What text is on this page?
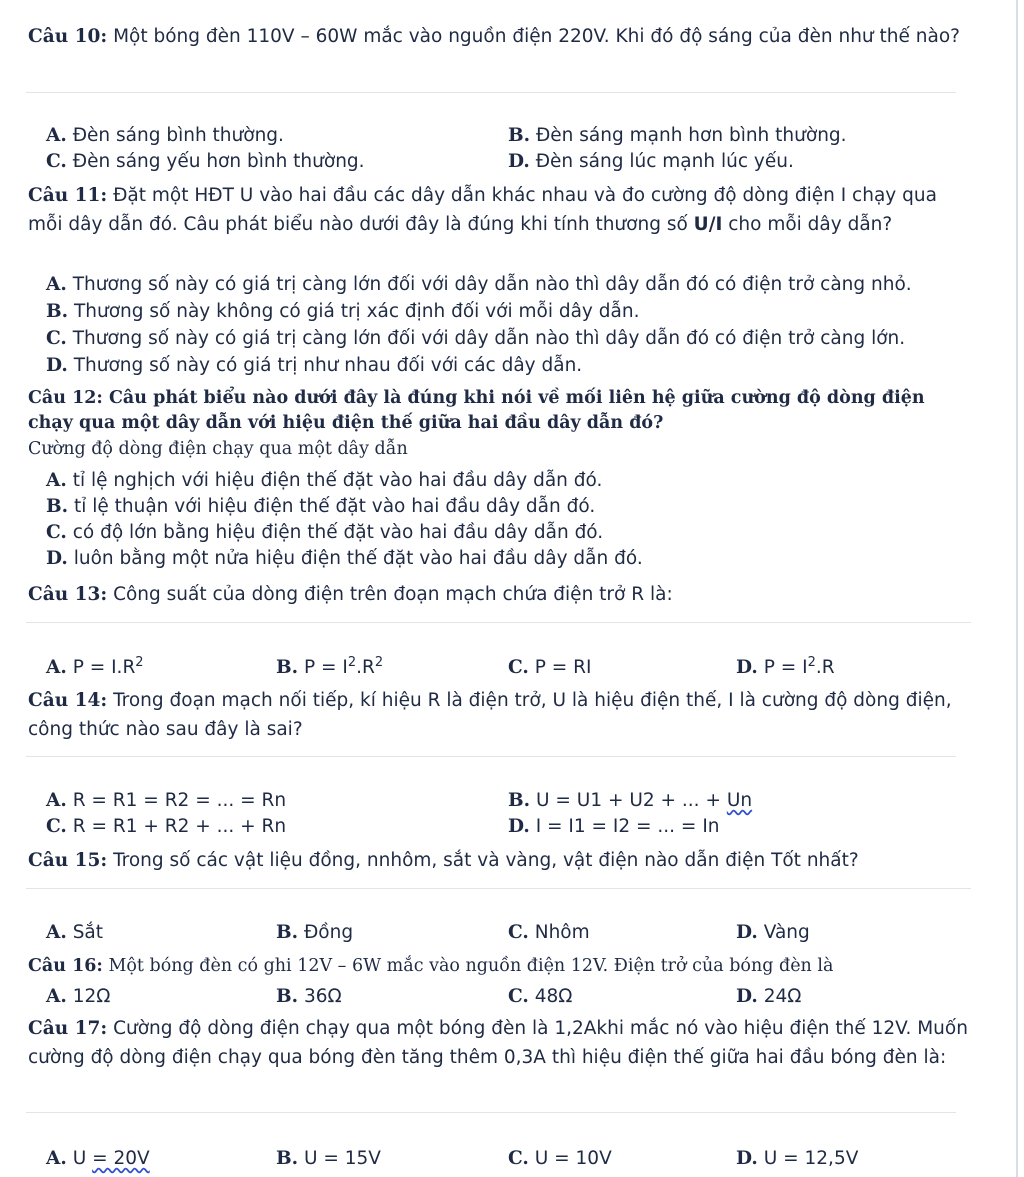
Câu 10: Một bóng đèn 110V – 60W mắc vào nguồn điện 220V. Khi đó độ sáng của đèn như thế nào?
A. Đèn sáng bình thường.	B. Đèn sáng mạnh hơn bình thường.
C. Đèn sáng yếu hơn bình thường.	D. Đèn sáng lúc mạnh lúc yếu.
Câu 11: Đặt một HĐT U vào hai đầu các dây dẫn khác nhau và đo cường độ dòng điện I chạy qua mỗi dây dẫn đó. Câu phát biểu nào dưới đây là đúng khi tính thương số U/I cho mỗi dây dẫn?
A. Thương số này có giá trị càng lớn đối với dây dẫn nào thì dây dẫn đó có điện trở càng nhỏ.
B. Thương số này không có giá trị xác định đối với mỗi dây dẫn.
C. Thương số này có giá trị càng lớn đối với dây dẫn nào thì dây dẫn đó có điện trở càng lớn.
D. Thương số này có giá trị như nhau đối với các dây dẫn.
Câu 12: Câu phát biểu nào dưới đây là đúng khi nói về mối liên hệ giữa cường độ dòng điện chạy qua một dây dẫn với hiệu điện thế giữa hai đầu dây dẫn đó?
Cường độ dòng điện chạy qua một dây dẫn
A. tỉ lệ nghịch với hiệu điện thế đặt vào hai đầu dây dẫn đó.
B. tỉ lệ thuận với hiệu điện thế đặt vào hai đầu dây dẫn đó.
C. có độ lớn bằng hiệu điện thế đặt vào hai đầu dây dẫn đó.
D. luôn bằng một nửa hiệu điện thế đặt vào hai đầu dây dẫn đó.
Câu 13: Công suất của dòng điện trên đoạn mạch chứa điện trở R là:
A. $P = I.R^2$	B. $P = I^2.R^2$	C. P = RI	D. $P = I^2.R$
Câu 14: Trong đoạn mạch nối tiếp, kí hiệu R là điện trở, U là hiệu điện thế, I là cường độ dòng điện, công thức nào sau đây là sai?
A. R = R1 = R2 = ... = Rn	B. U = U1 + U2 + ... + Un
C. R = R1 + R2 + ... + Rn	D. I = I1 = I2 = ... = In
Câu 15: Trong số các vật liệu đồng, nnhôm, sắt và vàng, vật điện nào dẫn điện Tốt nhất?
A. Sắt	B. Đồng	C. Nhôm	D. Vàng
Câu 16: Một bóng đèn có ghi 12V – 6W mắc vào nguồn điện 12V. Điện trở của bóng đèn là
A. 12Ω	B. 36Ω	C. 48Ω	D. 24Ω
Câu 17: Cường độ dòng điện chạy qua một bóng đèn là 1,2Akhi mắc nó vào hiệu điện thế 12V. Muốn cường độ dòng điện chạy qua bóng đèn tăng thêm 0,3A thì hiệu điện thế giữa hai đầu bóng đèn là:
A. U = 20V	B. U = 15V	C. U = 10V	D. U = 12,5V
